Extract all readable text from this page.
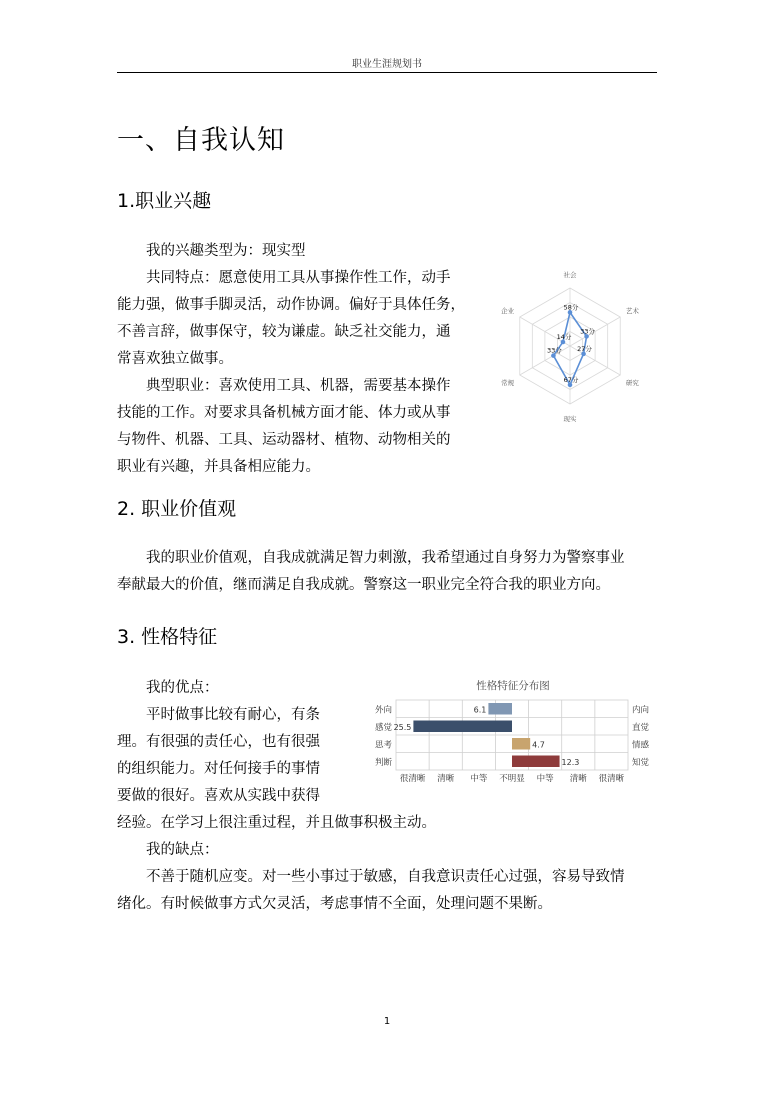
职业生涯规划书
一、自我认知
1.职业兴趣
我的兴趣类型为：现实型
共同特点：愿意使用工具从事操作性工作，动手
能力强，做事手脚灵活，动作协调。偏好于具体任务，
不善言辞，做事保守，较为谦虚。缺乏社交能力，通
常喜欢独立做事。
典型职业：喜欢使用工具、机器，需要基本操作
技能的工作。对要求具备机械方面才能、体力或从事
与物件、机器、工具、运动器材、植物、动物相关的
职业有兴趣，并具备相应能力。
社会
艺术
研究
现实
常规
企业	58分
33分
27分
67分
33分
14分
2. 职业价值观
我的职业价值观，自我成就满足智力刺激，我希望通过自身努力为警察事业
奉献最大的价值，继而满足自我成就。警察这一职业完全符合我的职业方向。
3. 性格特征
我的优点：
平时做事比较有耐心，有条
理。有很强的责任心，也有很强
的组织能力。对任何接手的事情
要做的很好。喜欢从实践中获得
经验。在学习上很注重过程，并且做事积极主动。
我的缺点：
不善于随机应变。对一些小事过于敏感，自我意识责任心过强，容易导致情
绪化。有时候做事方式欠灵活，考虑事情不全面，处理问题不果断。
性格特征分布图
6.1
外向	内向
25.5
感觉	直觉
4.7
思考	情感
12.3
判断	知觉
很清晰 清晰 中等 不明显 中等 清晰 很清晰
1
